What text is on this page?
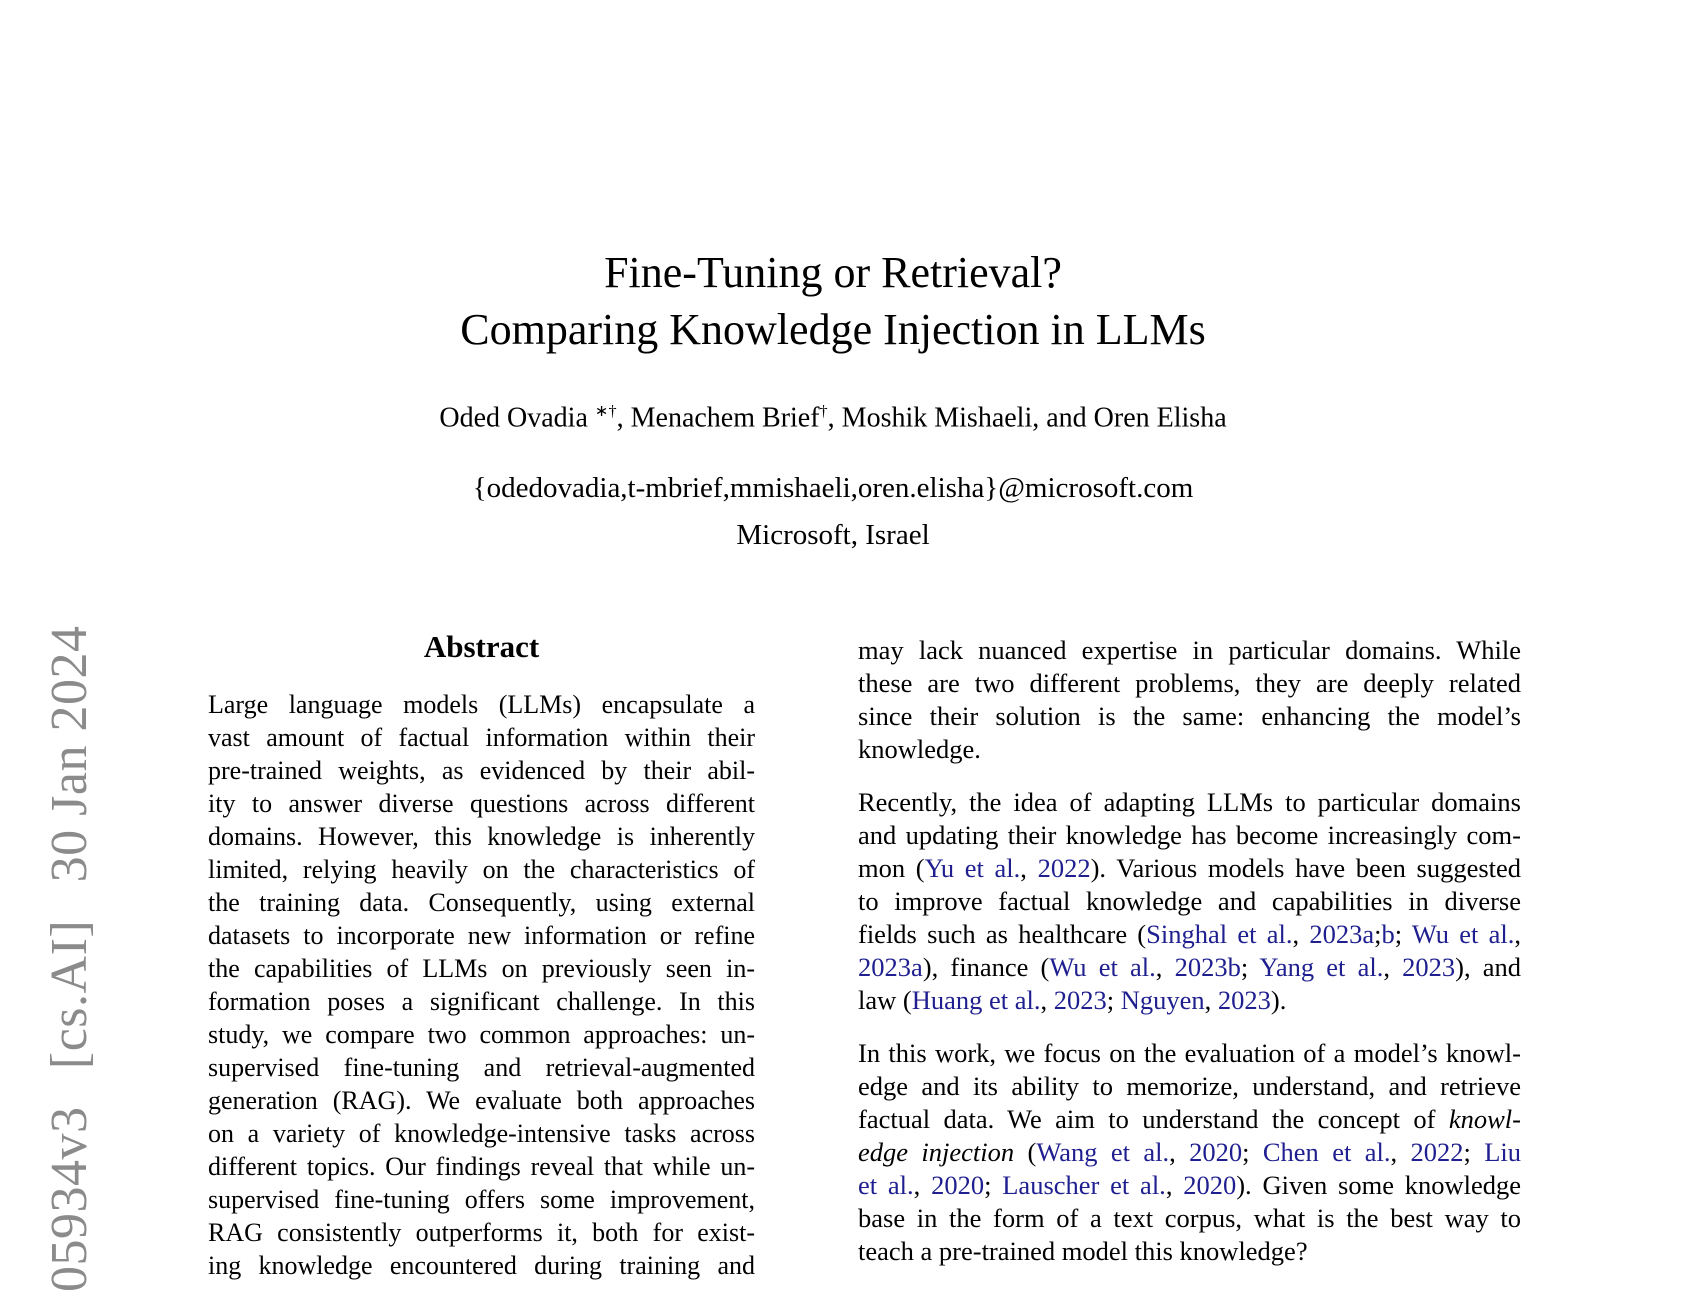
05934v3  [cs.AI]  30 Jan 2024
Fine-Tuning or Retrieval?
Comparing Knowledge Injection in LLMs
Oded Ovadia ∗†, Menachem Brief†, Moshik Mishaeli, and Oren Elisha
{odedovadia,t-mbrief,mmishaeli,oren.elisha}@microsoft.com
Microsoft, Israel
Abstract
Large language models (LLMs) encapsulate a
vast amount of factual information within their
pre-trained weights, as evidenced by their abil-
ity to answer diverse questions across different
domains. However, this knowledge is inherently
limited, relying heavily on the characteristics of
the training data. Consequently, using external
datasets to incorporate new information or refine
the capabilities of LLMs on previously seen in-
formation poses a significant challenge. In this
study, we compare two common approaches: un-
supervised fine-tuning and retrieval-augmented
generation (RAG). We evaluate both approaches
on a variety of knowledge-intensive tasks across
different topics. Our findings reveal that while un-
supervised fine-tuning offers some improvement,
RAG consistently outperforms it, both for exist-
ing knowledge encountered during training and
may lack nuanced expertise in particular domains. While
these are two different problems, they are deeply related
since their solution is the same: enhancing the model’s
knowledge.
Recently, the idea of adapting LLMs to particular domains
and updating their knowledge has become increasingly com-
mon (Yu et al., 2022). Various models have been suggested
to improve factual knowledge and capabilities in diverse
fields such as healthcare (Singhal et al., 2023a;b; Wu et al.,
2023a), finance (Wu et al., 2023b; Yang et al., 2023), and
law (Huang et al., 2023; Nguyen, 2023).
In this work, we focus on the evaluation of a model’s knowl-
edge and its ability to memorize, understand, and retrieve
factual data. We aim to understand the concept of knowl-
edge injection (Wang et al., 2020; Chen et al., 2022; Liu
et al., 2020; Lauscher et al., 2020). Given some knowledge
base in the form of a text corpus, what is the best way to
teach a pre-trained model this knowledge?
